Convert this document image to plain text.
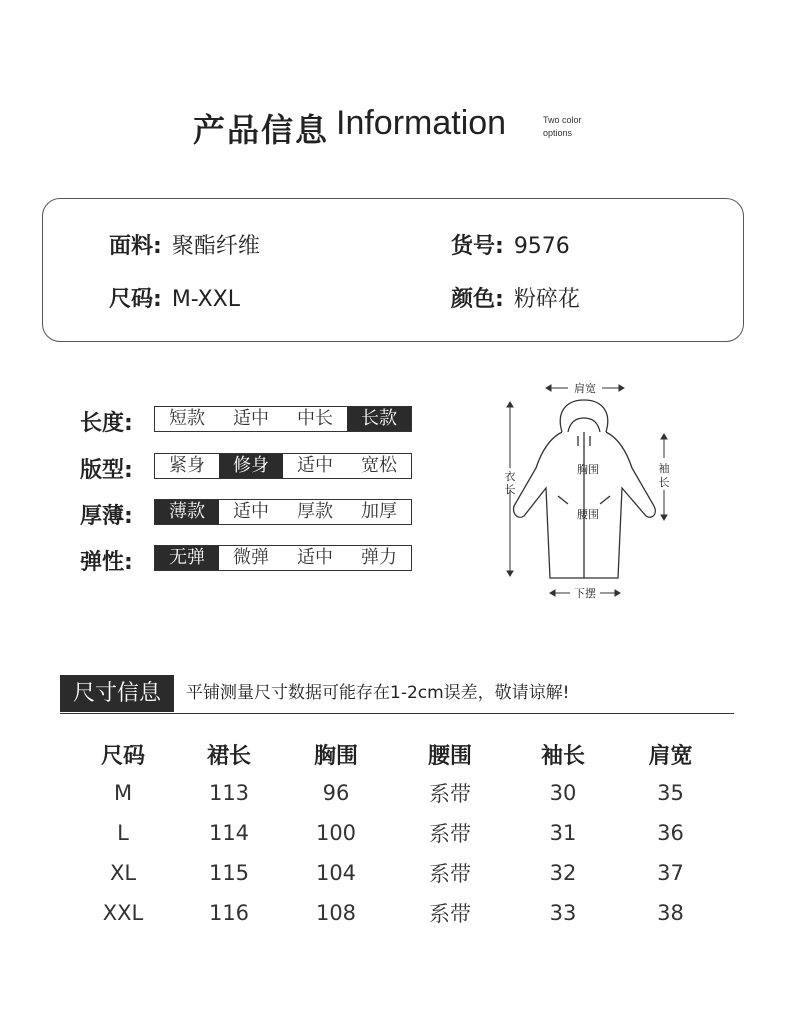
产品信息 Information	Two color
options
面料: 聚酯纤维	货号: 9576
尺码: M-XXL	颜色: 粉碎花
长度:	短款	适中	中长	长款
版型:	紧身	修身	适中	宽松
厚薄:	薄款	适中	厚款	加厚
弹性:	无弹	微弹	适中	弹力
肩宽
衣
长
袖
长
胸围
腰围
下摆
尺寸信息	平铺测量尺寸数据可能存在1-2cm误差，敬请谅解!
尺码	裙长	胸围	腰围	袖长	肩宽
M	113	96	系带	30	35
L	114	100	系带	31	36
XL	115	104	系带	32	37
XXL	116	108	系带	33	38
